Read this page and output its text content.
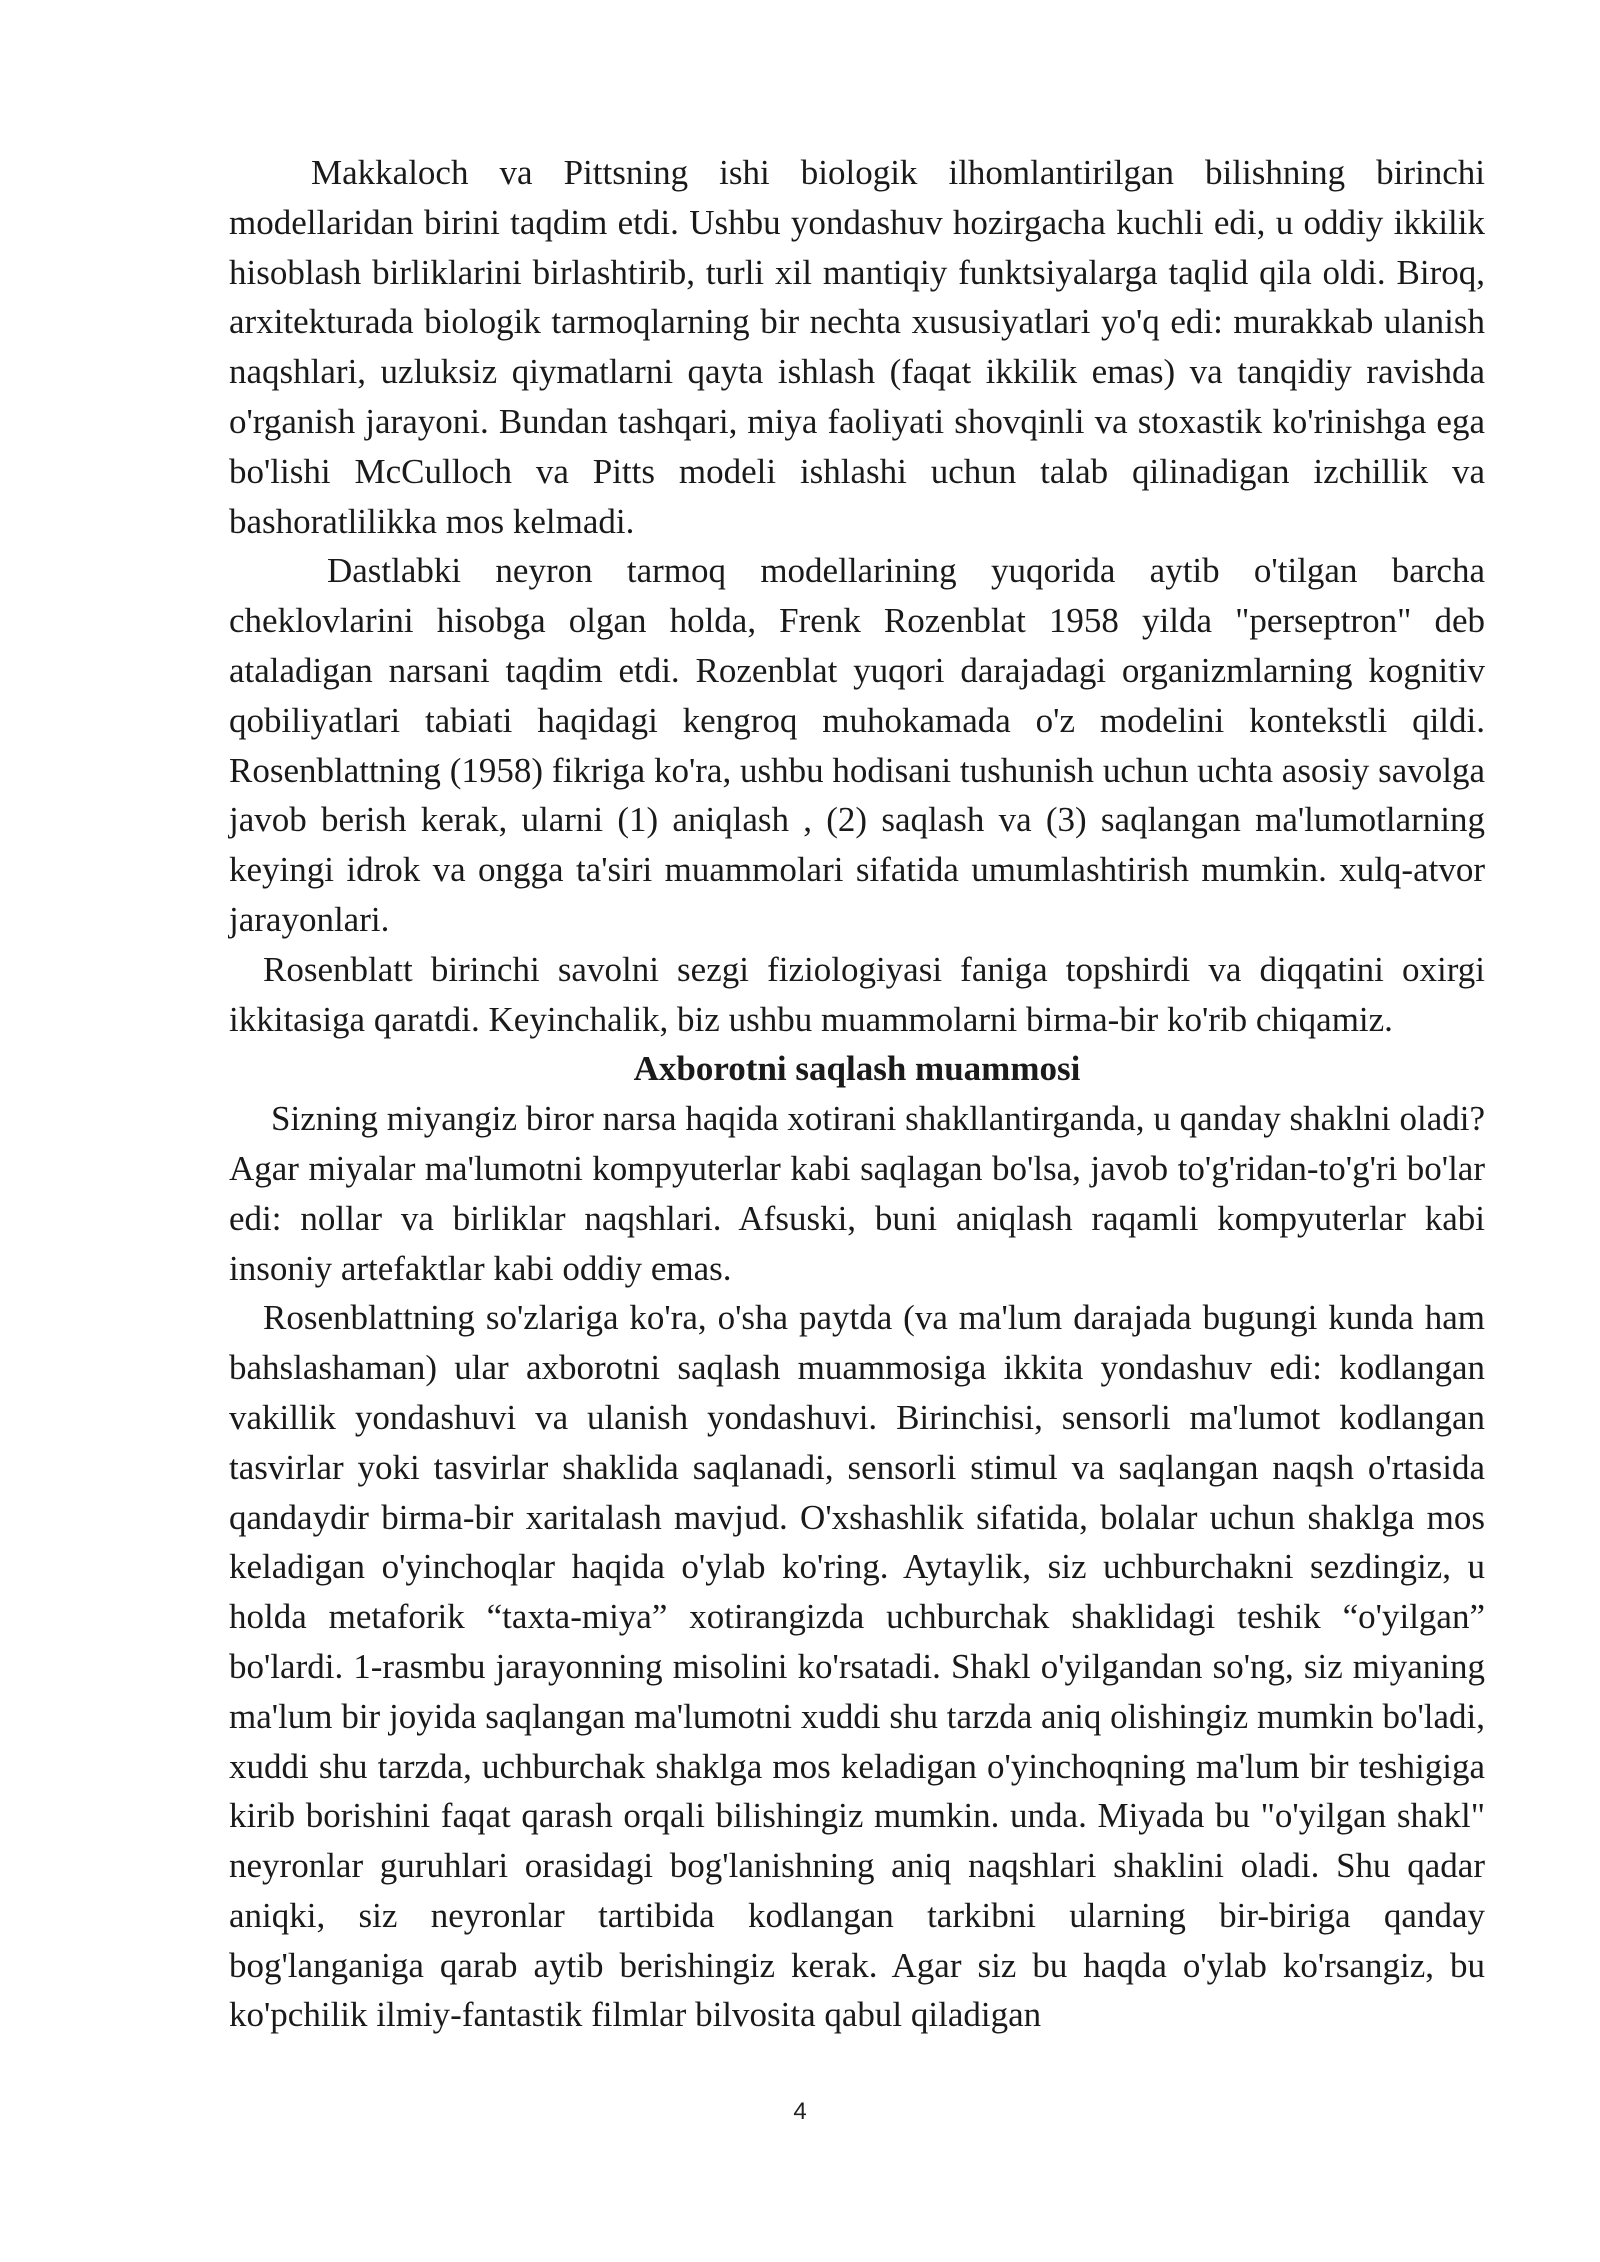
Makkaloch va Pittsning ishi biologik ilhomlantirilgan bilishning birinchi modellaridan birini taqdim etdi. Ushbu yondashuv hozirgacha kuchli edi, u oddiy ikkilik hisoblash birliklarini birlashtirib, turli xil mantiqiy funktsiyalarga taqlid qila oldi. Biroq, arxitekturada biologik tarmoqlarning bir nechta xususiyatlari yo'q edi: murakkab ulanish naqshlari, uzluksiz qiymatlarni qayta ishlash (faqat ikkilik emas) va tanqidiy ravishda o'rganish jarayoni. Bundan tashqari, miya faoliyati shovqinli va stoxastik ko'rinishga ega bo'lishi McCulloch va Pitts modeli ishlashi uchun talab qilinadigan izchillik va bashoratlilikka mos kelmadi.

Dastlabki neyron tarmoq modellarining yuqorida aytib o'tilgan barcha cheklovlarini hisobga olgan holda, Frenk Rozenblat 1958 yilda "perseptron" deb ataladigan narsani taqdim etdi. Rozenblat yuqori darajadagi organizmlarning kognitiv qobiliyatlari tabiati haqidagi kengroq muhokamada o'z modelini kontekstli qildi. Rosenblattning (1958) fikriga ko'ra, ushbu hodisani tushunish uchun uchta asosiy savolga javob berish kerak, ularni (1) aniqlash , (2) saqlash va (3) saqlangan ma'lumotlarning keyingi idrok va ongga ta'siri muammolari sifatida umumlashtirish mumkin. xulq-atvor jarayonlari.

Rosenblatt birinchi savolni sezgi fiziologiyasi faniga topshirdi va diqqatini oxirgi ikkitasiga qaratdi. Keyinchalik, biz ushbu muammolarni birma-bir ko'rib chiqamiz.

Axborotni saqlash muammosi

Sizning miyangiz biror narsa haqida xotirani shakllantirganda, u qanday shaklni oladi? Agar miyalar ma'lumotni kompyuterlar kabi saqlagan bo'lsa, javob to'g'ridan-to'g'ri bo'lar edi: nollar va birliklar naqshlari. Afsuski, buni aniqlash raqamli kompyuterlar kabi insoniy artefaktlar kabi oddiy emas.

Rosenblattning so'zlariga ko'ra, o'sha paytda (va ma'lum darajada bugungi kunda ham bahslashaman) ular axborotni saqlash muammosiga ikkita yondashuv edi: kodlangan vakillik yondashuvi va ulanish yondashuvi. Birinchisi, sensorli ma'lumot kodlangan tasvirlar yoki tasvirlar shaklida saqlanadi, sensorli stimul va saqlangan naqsh o'rtasida qandaydir birma-bir xaritalash mavjud. O'xshashlik sifatida, bolalar uchun shaklga mos keladigan o'yinchoqlar haqida o'ylab ko'ring. Aytaylik, siz uchburchakni sezdingiz, u holda metaforik “taxta-miya” xotirangizda uchburchak shaklidagi teshik “o'yilgan” bo'lardi. 1-rasmbu jarayonning misolini ko'rsatadi. Shakl o'yilgandan so'ng, siz miyaning ma'lum bir joyida saqlangan ma'lumotni xuddi shu tarzda aniq olishingiz mumkin bo'ladi, xuddi shu tarzda, uchburchak shaklga mos keladigan o'yinchoqning ma'lum bir teshigiga kirib borishini faqat qarash orqali bilishingiz mumkin. unda. Miyada bu "o'yilgan shakl" neyronlar guruhlari orasidagi bog'lanishning aniq naqshlari shaklini oladi. Shu qadar aniqki, siz neyronlar tartibida kodlangan tarkibni ularning bir-biriga qanday bog'langaniga qarab aytib berishingiz kerak. Agar siz bu haqda o'ylab ko'rsangiz, bu ko'pchilik ilmiy-fantastik filmlar bilvosita qabul qiladigan

4
